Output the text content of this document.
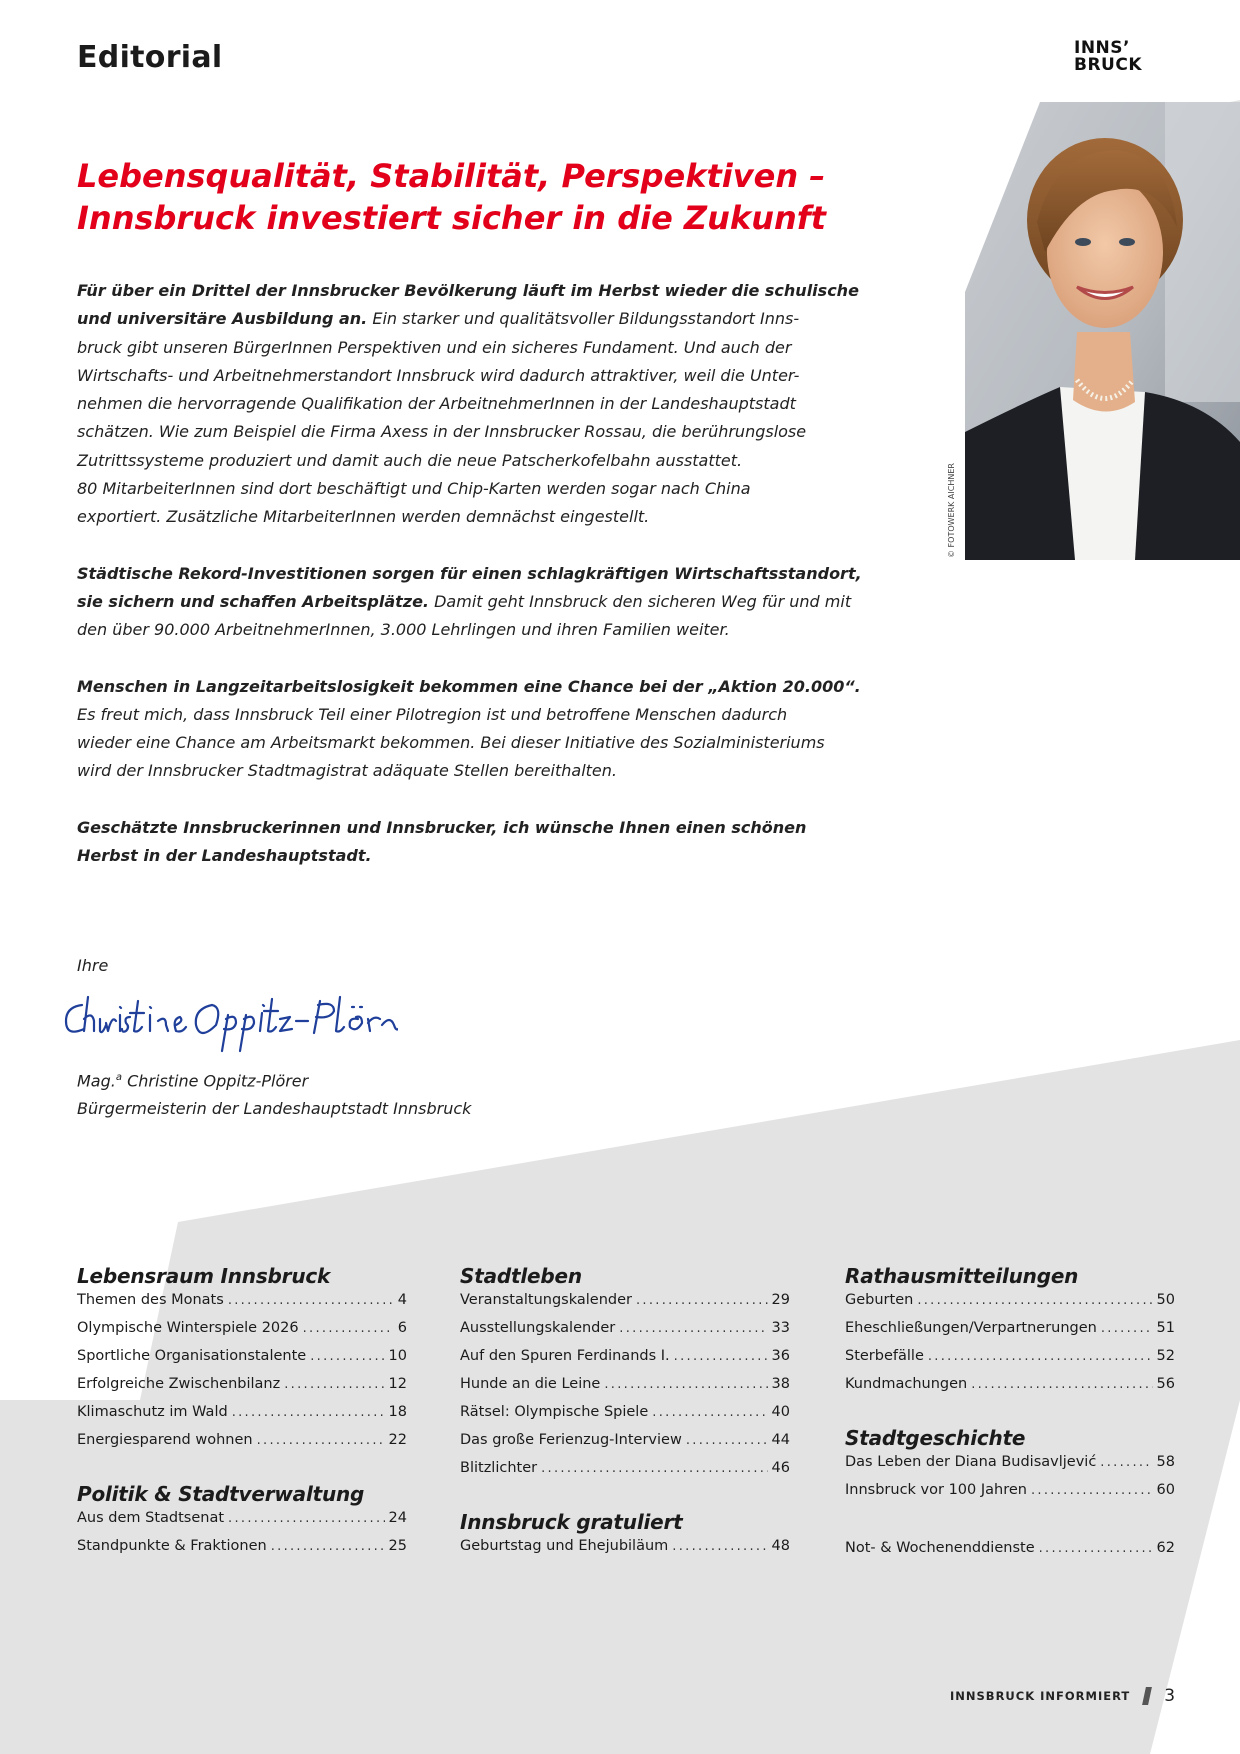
Editorial	INNS’
BRUCK
© FOTOWERK AICHNER
Lebensqualität, Stabilität, Perspektiven –
Innsbruck investiert sicher in die Zukunft

Für über ein Drittel der Innsbrucker Bevölkerung läuft im Herbst wieder die schulische
und universitäre Ausbildung an. Ein starker und qualitätsvoller Bildungsstandort Inns-
bruck gibt unseren BürgerInnen Perspektiven und ein sicheres Fundament. Und auch der
Wirtschafts- und Arbeitnehmerstandort Innsbruck wird dadurch attraktiver, weil die Unter-
nehmen die hervorragende Qualifikation der ArbeitnehmerInnen in der Landeshauptstadt
schätzen. Wie zum Beispiel die Firma Axess in der Innsbrucker Rossau, die berührungslose
Zutrittssysteme produziert und damit auch die neue Patscherkofelbahn ausstattet.
80 MitarbeiterInnen sind dort beschäftigt und Chip-Karten werden sogar nach China
exportiert. Zusätzliche MitarbeiterInnen werden demnächst eingestellt.

Städtische Rekord-Investitionen sorgen für einen schlagkräftigen Wirtschaftsstandort,
sie sichern und schaffen Arbeitsplätze. Damit geht Innsbruck den sicheren Weg für und mit
den über 90.000 ArbeitnehmerInnen, 3.000 Lehrlingen und ihren Familien weiter.

Menschen in Langzeitarbeitslosigkeit bekommen eine Chance bei der „Aktion 20.000“.
Es freut mich, dass Innsbruck Teil einer Pilotregion ist und betroffene Menschen dadurch
wieder eine Chance am Arbeitsmarkt bekommen. Bei dieser Initiative des Sozialministeriums
wird der Innsbrucker Stadtmagistrat adäquate Stellen bereithalten.

Geschätzte Innsbruckerinnen und Innsbrucker, ich wünsche Ihnen einen schönen
Herbst in der Landeshauptstadt.

Ihre

Mag.$^a$ Christine Oppitz-Plörer
Bürgermeisterin der Landeshauptstadt Innsbruck
Lebensraum Innsbruck
Themen des Monats .....	4
Olympische Winterspiele 2026 .....	6
Sportliche Organisationstalente .....	10
Erfolgreiche Zwischenbilanz .....	12
Klimaschutz im Wald .....	18
Energiesparend wohnen .....	22
Politik & Stadtverwaltung
Aus dem Stadtsenat .....	24
Standpunkte & Fraktionen .....	25
Stadtleben
Veranstaltungskalender .....	29
Ausstellungskalender .....	33
Auf den Spuren Ferdinands I. .....	36
Hunde an die Leine .....	38
Rätsel: Olympische Spiele .....	40
Das große Ferienzug-Interview .....	44
Blitzlichter .....	46
Innsbruck gratuliert
Geburtstag und Ehejubiläum .....	48
Rathausmitteilungen
Geburten .....	50
Eheschließungen/Verpartnerungen .....	51
Sterbefälle .....	52
Kundmachungen .....	56
Stadtgeschichte
Das Leben der Diana Budisavljević .....	58
Innsbruck vor 100 Jahren .....	60
Not- & Wochenenddienste .....	62
INNSBRUCK INFORMIERT 3
